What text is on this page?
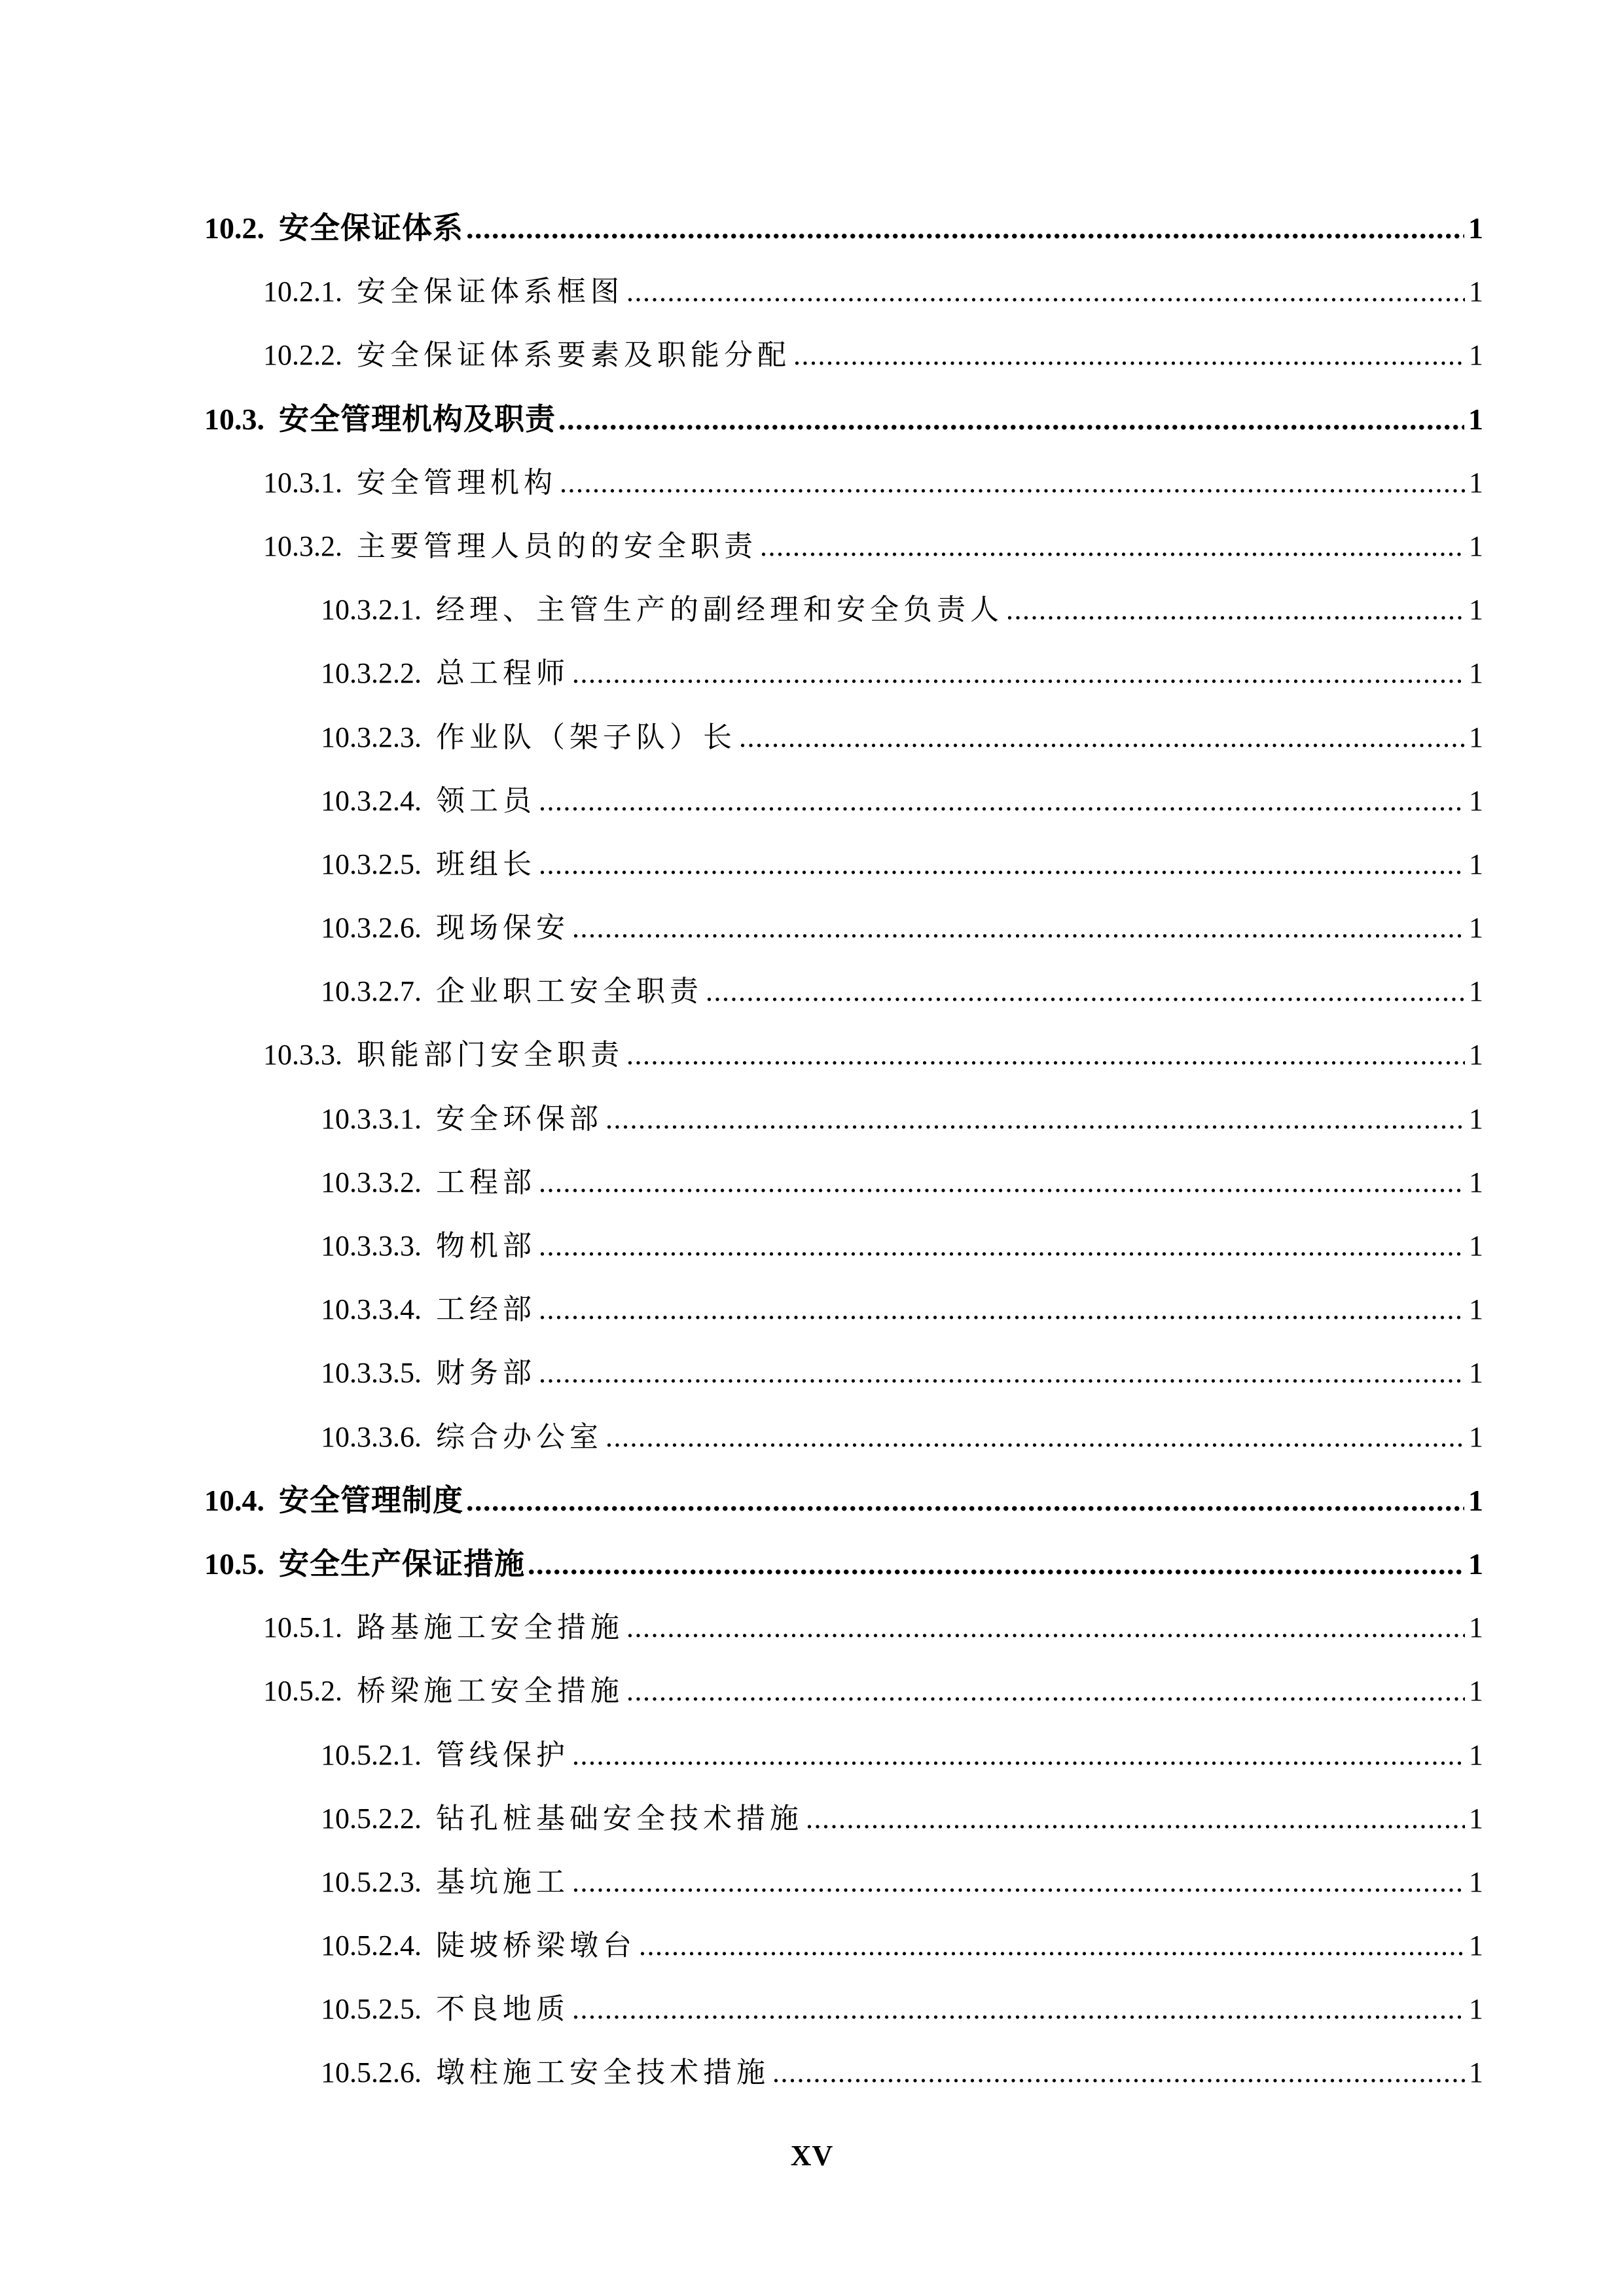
10.2. 安全保证体系 .....	1
10.2.1. 安全保证体系框图 .....	1
10.2.2. 安全保证体系要素及职能分配 .....	1
10.3. 安全管理机构及职责 .....	1
10.3.1. 安全管理机构 .....	1
10.3.2. 主要管理人员的的安全职责 .....	1
10.3.2.1. 经理、主管生产的副经理和安全负责人 .....	1
10.3.2.2. 总工程师 .....	1
10.3.2.3. 作业队（架子队）长 .....	1
10.3.2.4. 领工员 .....	1
10.3.2.5. 班组长 .....	1
10.3.2.6. 现场保安 .....	1
10.3.2.7. 企业职工安全职责 .....	1
10.3.3. 职能部门安全职责 .....	1
10.3.3.1. 安全环保部 .....	1
10.3.3.2. 工程部 .....	1
10.3.3.3. 物机部 .....	1
10.3.3.4. 工经部 .....	1
10.3.3.5. 财务部 .....	1
10.3.3.6. 综合办公室 .....	1
10.4. 安全管理制度 .....	1
10.5. 安全生产保证措施 .....	1
10.5.1. 路基施工安全措施 .....	1
10.5.2. 桥梁施工安全措施 .....	1
10.5.2.1. 管线保护 .....	1
10.5.2.2. 钻孔桩基础安全技术措施 .....	1
10.5.2.3. 基坑施工 .....	1
10.5.2.4. 陡坡桥梁墩台 .....	1
10.5.2.5. 不良地质 .....	1
10.5.2.6. 墩柱施工安全技术措施 .....	1
XV
